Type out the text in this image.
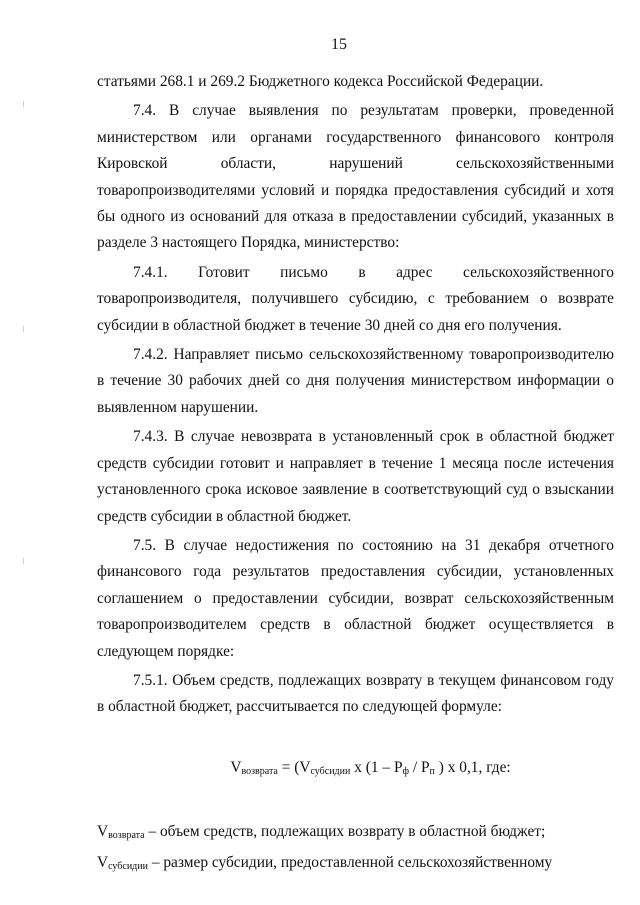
15
· · ·
· · ·
· · ·

статьями 268.1 и 269.2 Бюджетного кодекса Российской Федерации.

7.4. В случае выявления по результатам проверки, проведенной министерством или органами государственного финансового контроля Кировской области, нарушений сельскохозяйственными товаропроизводителями условий и порядка предоставления субсидий и хотя бы одного из оснований для отказа в предоставлении субсидий, указанных в разделе 3 настоящего Порядка, министерство:

7.4.1. Готовит письмо в адрес сельскохозяйственного товаропроизводителя, получившего субсидию, с требованием о возврате субсидии в областной бюджет в течение 30 дней со дня его получения.

7.4.2. Направляет письмо сельскохозяйственному товаропроизводителю в течение 30 рабочих дней со дня получения министерством информации о выявленном нарушении.

7.4.3. В случае невозврата в установленный срок в областной бюджет средств субсидии готовит и направляет в течение 1 месяца после истечения установленного срока исковое заявление в соответствующий суд о взыскании средств субсидии в областной бюджет.

7.5. В случае недостижения по состоянию на 31 декабря отчетного финансового года результатов предоставления субсидии, установленных соглашением о предоставлении субсидии, возврат сельскохозяйственным товаропроизводителем средств в областной бюджет осуществляется в следующем порядке:

7.5.1. Объем средств, подлежащих возврату в текущем финансовом году в областной бюджет, рассчитывается по следующей формуле:

$V_{возврата} = (V_{субсидии}$ x ($1 - P_ф / P_п$ ) x 0,1, где:

$V_{возврата}$ – объем средств, подлежащих возврату в областной бюджет;

$V_{субсидии}$ – размер субсидии, предоставленной сельскохозяйственному
